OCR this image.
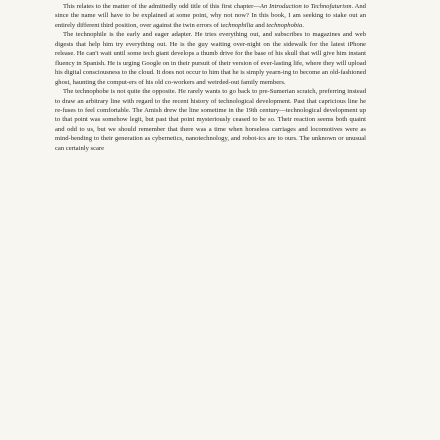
This relates to the matter of the admittedly odd title of this first chapter—An Introduction to Technofuturism. And since the name will have to be explained at some point, why not now? In this book, I am seeking to stake out an entirely different third position, over against the twin errors of technophilia and technophobia.

The technophile is the early and eager adapter. He tries everything out, and subscribes to magazines and web digests that help him try everything out. He is the guy waiting over-night on the sidewalk for the latest iPhone release. He can't wait until some tech giant develops a thumb drive for the base of his skull that will give him instant fluency in Spanish. He is urging Google on in their pursuit of their version of ever-lasting life, where they will upload his digital consciousness to the cloud. It does not occur to him that he is simply yearn-ing to become an old-fashioned ghost, haunting the comput-ers of his old co-workers and weirded-out family members.

The technophobe is not quite the opposite. He rarely wants to go back to pre-Sumerian scratch, preferring instead to draw an arbitrary line with regard to the recent history of technological development. Past that capricious line he re-fuses to feel comfortable. The Amish drew the line sometime in the 19th century—technological development up to that point was somehow legit, but past that point mysteriously ceased to be so. Their reaction seems both quaint and odd to us, but we should remember that there was a time when horseless carriages and locomotives were as mind-bending to their generation as cybernetics, nanotechnology, and robot-ics are to ours. The unknown or unusual can certainly scare
